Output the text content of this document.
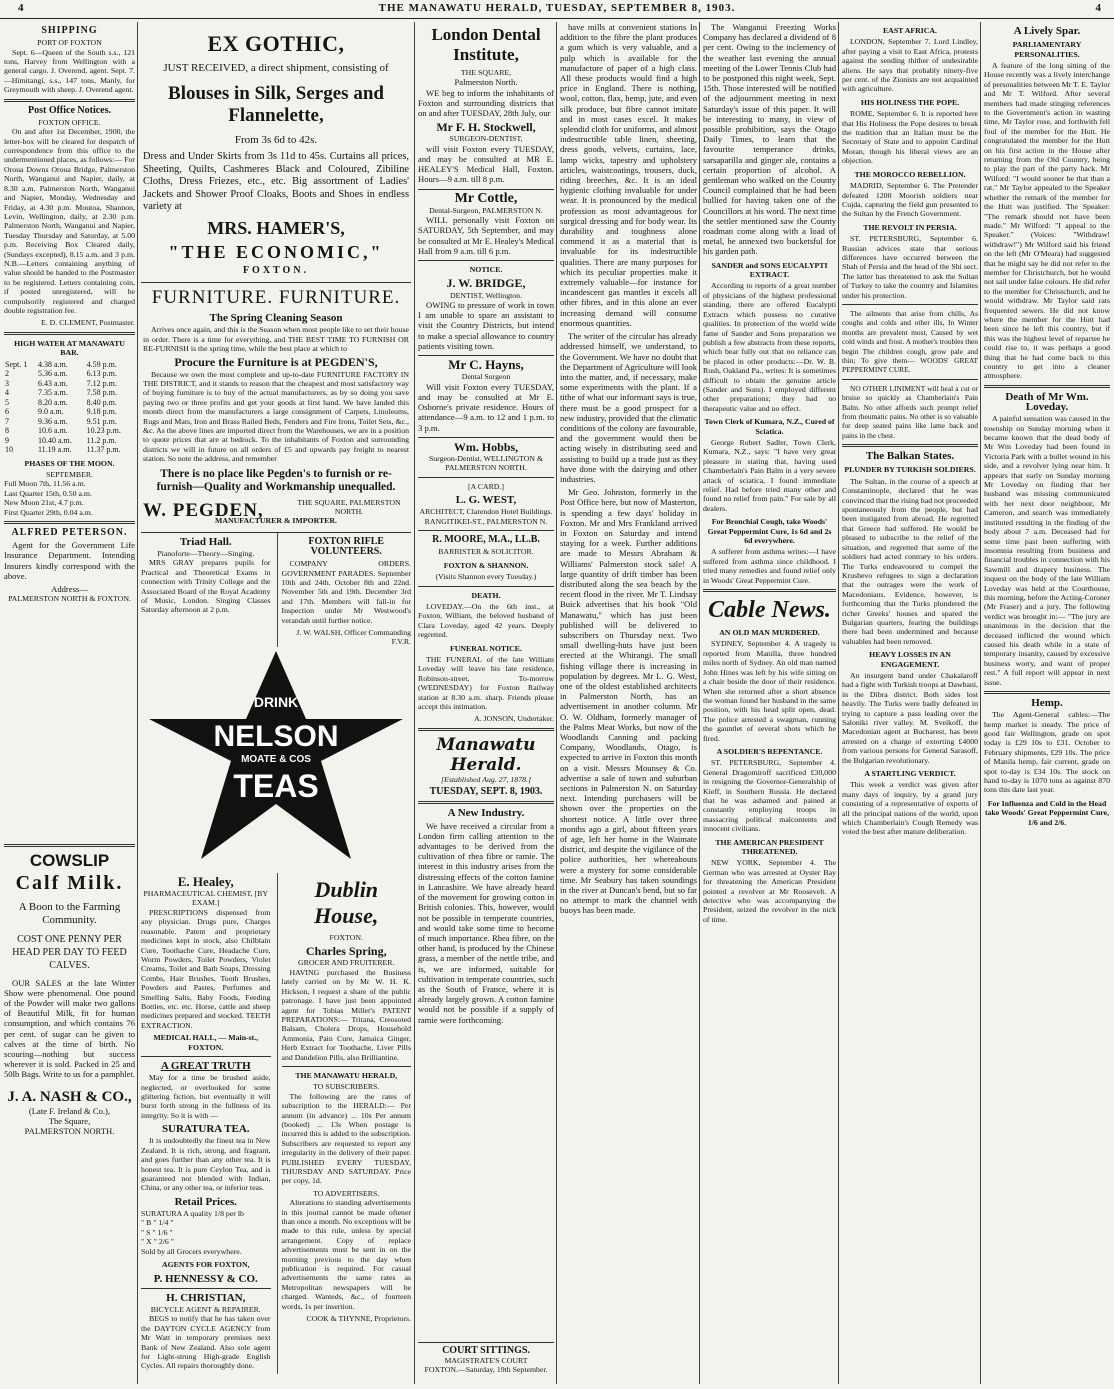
4	THE MANAWATU HERALD, TUESDAY, SEPTEMBER 8, 1903.	4
SHIPPING
PORT OF FOXTON

Sept. 6—Queen of the South s.s., 121 tons, Harvey from Wellington with a general cargo. J. Overend, agent. Sept. 7.—Himitangi, s.s., 147 tons, Manly, for Greymouth with sheep. J. Overend agent.

Post Office Notices.
FOXTON OFFICE.

On and after 1st December, 1900, the letter-box will be cleared for despatch of correspondence from this office to the undermentioned places, as follows:— For Oroua Downs Oroua Bridge, Palmerston North, Wanganui and Napier, daily, at 8.30 a.m. Palmerston North, Wanganui and Napier, Monday, Wednesday and Friday, at 4.30 p.m. Moutoa, Shannon, Levin, Wellington, daily, at 2.30 p.m. Palmerston North, Wanganui and Napier, Tuesday Thursday and Saturday, at 5.00 p.m. Receiving Box Cleared daily, (Sundays excepted), 8.15 a.m. and 3 p.m. N.B.—Letters containing anything of value should be handed to the Postmaster to be registered. Letters containing coin, if posted unregistered, will be compulsorily registered and charged double registration fee.

E. D. CLEMENT, Postmaster.
HIGH WATER AT MANAWATU BAR.
Sept. 1	4.38 a.m.	4.59 p.m.
2	5.36 a.m.	6.13 p.m.
3	6.43 a.m.	7.12 p.m.
4	7.35 a.m.	7.58 p.m.
5	8.20 a.m.	8.40 p.m.
6	9.0 a.m.	9.18 p.m.
7	9.36 a.m.	9.51 p.m.
8	10.6 a.m.	10.23 p.m.
9	10.40 a.m.	11.2 p.m.
10	11.19 a.m.	11.37 p.m.
PHASES OF THE MOON.
SEPTEMBER.
Full Moon 7th, 11.56 a.m.
Last Quarter 15th, 0.50 a.m.
New Moon 21st, 4.7 p.m.
First Quarter 29th, 0.04 a.m.
ALFRED PETERSON.

Agent for the Government Life Insurance Department. Intending Insurers kindly correspond with the above.

Address—
PALMERSTON NORTH & FOXTON.
COWSLIP
Calf Milk.
A Boon to the Farming Community.
COST ONE PENNY PER HEAD PER DAY TO FEED CALVES.

OUR SALES at the late Winter Show were phenomenal. One pound of the Powder will make two gallons of Beautiful Milk, fit for human consumption, and which contains 76 per cent. of sugar can be given to calves at the time of birth. No scouring—nothing but success wherever it is sold. Packed in 25 and 50lb Bags. Write to us for a pamphlet.

J. A. NASH & CO.,
(Late F. Ireland & Co.),
The Square,
PALMERSTON NORTH.
EX GOTHIC,
JUST RECEIVED, a direct shipment, consisting of
Blouses in Silk, Serges and Flannelette,
From 3s 6d to 42s.

Dress and Under Skirts from 3s 11d to 45s. Curtains all prices, Sheeting, Quilts, Cashmeres Black and Coloured, Zibiline Cloths, Dress Friezes, etc., etc. Big assortment of Ladies' Jackets and Shower Proof Cloaks, Boots and Shoes in endless variety at

MRS. HAMER'S,
"THE ECONOMIC,"
FOXTON.
FURNITURE. FURNITURE.
The Spring Cleaning Season

Arrives once again, and this is the Season when most people like to set their house in order. There is a time for everything, and THE BEST TIME TO FURNISH OR RE-FURNISH is the spring time, while the best place at which to

Procure the Furniture is at PEGDEN'S,

Because we own the most complete and up-to-date FURNITURE FACTORY IN THE DISTRICT, and it stands to reason that the cheapest and most satisfactory way of buying furniture is to buy of the actual manufacturers, as by so doing you save paying two or three profits and get your goods at first hand. We have landed this month direct from the manufacturers a large consignment of Carpets, Linoleums, Rugs and Mats, Iron and Brass Railed Beds, Fenders and Fire Irons, Toilet Sets, &c., &c. As the above lines are imported direct from the Warehouses, we are in a position to quote prices that are at bedrock. To the inhabitants of Foxton and surrounding districts we will in future on all orders of £5 and upwards pay freight to nearest station. So note the address, and remember

There is no place like Pegden's to furnish or re-furnish—Quality and Workmanship unequalled.
W. PEGDEN,	THE SQUARE, PALMERSTON NORTH.
MANUFACTURER & IMPORTER.
Triad Hall.
Pianoforte—Theory—Singing.

MRS GRAY prepares pupils for Practical and Theoretical Exams in connection with Trinity College and the Associated Board of the Royal Academy of Music, London. Singing Classes Saturday afternoon at 2 p.m.

FOXTON RIFLE VOLUNTEERS.

COMPANY ORDERS. GOVERNMENT PARADES. September 10th and 24th. October 8th and 22nd. November 5th and 19th. December 3rd and 17th. Members will fall-in for Inspection under Mr Westwood's verandah until further notice.

J. W. WALSH, Officer Commanding F.V.R.
DRINK
NELSON
MOATE & COS
TEAS
E. Healey,
PHARMACEUTICAL CHEMIST, [BY EXAM.]

PRESCRIPTIONS dispensed from any physician. Drugs pure, Charges reasonable. Patent and proprietary medicines kept in stock, also Chilblain Cure, Toothache Cure, Headache Cure, Worm Powders, Toilet Powders, Violet Creams, Toilet and Bath Soaps, Dressing Combs, Hair Brushes, Tooth Brushes, Powders and Pastes, Perfumes and Smelling Salts, Baby Foods, Feeding Bottles, etc. etc. Horse, cattle and sheep medicines prepared and stocked. TEETH EXTRACTION.

MEDICAL HALL, — Main-st., FOXTON.
A GREAT TRUTH

May for a time be brushed aside, neglected, or overlooked for some glittering fiction, but eventually it will burst forth strong in the fullness of its integrity. So it is with —

SURATURA TEA.

It is undoubtedly the finest tea in New Zealand. It is rich, strong, and fragrant, and goes further than any other tea. It is honest tea. It is pure Ceylon Tea, and is guaranteed not blended with Indian, China, or any other tea, or inferior teas.

Retail Prices.
SURATURA A quality 1/8 per lb
" B " 1/4 "
" S " 1/6 "
" X " 2/6 "
Sold by all Grocers everywhere.
AGENTS FOR FOXTON,
P. HENNESSY & CO.
H. CHRISTIAN,
BICYCLE AGENT & REPAIRER.

BEGS to notify that he has taken over the DAYTON CYCLE AGENCY from Mr Watt in temporary premises next Bank of New Zealand. Also sole agent for Light-strung High-grade English Cycles. All repairs thoroughly done.

Dublin House,
FOXTON.
Charles Spring,
GROCER AND FRUITERER.

HAVING purchased the Business lately carried on by Mr W. H. K. Hickson, I request a share of the public patronage. I have just been appointed agent for Tobias Miller's PATENT PREPARATIONS:— Tritana, Creosoted Balsam, Cholera Drops, Household Ammonia, Pain Cure, Jamaica Ginger, Herb Extract for Toothache, Liver Pills and Dandelion Pills, also Brilliantine.

THE MANAWATU HERALD,
TO SUBSCRIBERS.

The following are the rates of subscription to the HERALD:— Per annum (in advance) ... 10s Per annum (booked) ... 13s When postage is incurred this is added to the subscription. Subscribers are requested to report any irregularity in the delivery of their paper. PUBLISHED EVERY TUESDAY, THURSDAY AND SATURDAY. Price per copy, 1d.

TO ADVERTISERS.

Alterations to standing advertisements in this journal cannot be made oftener than once a month. No exceptions will be made to this rule, unless by special arrangement. Copy of replace advertisements must be sent in on the morning previous to the day when publication is required. For casual advertisements the same rates as Metropolitan newspapers will be charged. Wanteds, &c., of fourteen words, 1s per insertion.

COOK & THYNNE, Proprietors.
London Dental Institute,
THE SQUARE,
Palmerston North.

WE beg to inform the inhabitants of Foxton and surrounding districts that on and after TUESDAY, 28th July, our

Mr F. H. Stockwell,
SURGEON-DENTIST,

will visit Foxton every TUESDAY, and may be consulted at MR E. HEALEY'S Medical Hall, Foxton. Hours—9 a.m. till 8 p.m.

Mr Cottle,
Dental-Surgeon, PALMERSTON N.

WILL personally visit Foxton on SATURDAY, 5th September, and may be consulted at Mr E. Healey's Medical Hall from 9 a.m. till 6 p.m.

NOTICE.
J. W. BRIDGE,
DENTIST, Wellington.

OWING to pressure of work in town I am unable to spare an assistant to visit the Country Districts, but intend to make a special allowance to country patients visiting town.

Mr C. Hayns,
Dental Surgeon

Will visit Foxton every TUESDAY, and may be consulted at Mr E. Osborne's private residence. Hours of attendance—9 a.m. to 12 and 1 p.m. to 3 p.m.

Wm. Hobbs,
Surgeon-Dentist, WELLINGTON & PALMERSTON NORTH.
[A CARD.]
L. G. WEST,
ARCHITECT, Clarendon Hotel Buildings. RANGITIKEI-ST., PALMERSTON N.
R. MOORE, M.A., LL.B.
BARRISTER & SOLICITOR.
FOXTON & SHANNON.
(Visits Shannon every Tuesday.)
DEATH.

LOVEDAY.—On the 6th inst., at Foxton, William, the beloved husband of Clara Loveday, aged 42 years. Deeply regretted.

FUNERAL NOTICE.

THE FUNERAL of the late William Loveday will leave his late residence, Robinson-street, To-morrow (WEDNESDAY) for Foxton Railway station at 8.30 a.m. sharp. Friends please accept this intimation.

A. JONSON, Undertaker.
Manawatu Herald.
[Established Aug. 27, 1878.]
TUESDAY, SEPT. 8, 1903.
A New Industry.

We have received a circular from a London firm calling attention to the advantages to be derived from the cultivation of rhea fibre or ramie. The interest in this industry arises from the distressing effects of the cotton famine in Lancashire. We have already heard of the movement for growing cotton in British colonies. This, however, would not be possible in temperate countries, and would take some time to become of much importance. Rhea fibre, on the other hand, is produced by the Chinese grass, a member of the nettle tribe, and is, we are informed, suitable for cultivation in temperate countries, such as the South of France, where it is already largely grown. A cotton famine would not be possible if a supply of ramie were forthcoming.

have mills at convenient stations In addition to the fibre the plant produces a gum which is very valuable, and a pulp which is available for the manufacture of paper of a high class. All these products would find a high price in England. There is nothing, wool, cotton, flax, hemp, jute, and even silk produce, but fibre cannot imitate and in most cases excel. It makes splendid cloth for uniforms, and almost indestructible table linen, sheeting, dress goods, velvets, curtains, lace, lamp wicks, tapestry and upholstery articles, waistcoatings, trousers, duck, riding breeches, &c. It is an ideal hygienic clothing invaluable for under wear. It is pronounced by the medical profession as most advantageous for surgical dressing and for body wear. Its durability and toughness alone commend it as a material that is invaluable for its indestructible qualities. There are many purposes for which its peculiar properties make it extremely valuable—for instance for incandescent gas mantles it excels all other fibres, and in this alone an ever increasing demand will consume enormous quantities.

The writer of the circular has already addressed himself, we understand, to the Government. We have no doubt that the Department of Agriculture will look into the matter, and, if necessary, make some experiments with the plant. If a tithe of what our informant says is true, there must be a good prospect for a new industry, provided that the climatic conditions of the colony are favourable, and the government would then be acting wisely in distributing seed and assisting to build up a trade just as they have done with the dairying and other industries.

Mr Geo. Johnston, formerly in the Post Office here, but now of Masterton, is spending a few days' holiday in Foxton. Mr and Mrs Frankland arrived in Foxton on Saturday and intend staying for a week. Further additions are made to Messrs Abraham & Williams' Palmerston stock sale! A large quantity of drift timber has been distributed along the sea beach by the recent flood in the river. Mr T. Lindsay Buick advertises that his book "Old Manawatu," which has just been published will be delivered to subscribers on Thursday next. Two small dwelling-huts have just been erected at the Whirangi. The small fishing village there is increasing in population by degrees. Mr L. G. West, one of the oldest established architects in Palmerston North, has an advertisement in another column. Mr O. W. Oldham, formerly manager of the Palms Meat Works, but now of the Woodlands Canning and packing Company, Woodlands, Otago, is expected to arrive in Foxton this month on a visit. Messrs Mounsey & Co. advertise a sale of town and suburban sections in Palmerston N. on Saturday next. Intending purchasers will be shown over the properties on the shortest notice. A little over three months ago a girl, about fifteen years of age, left her home in the Waimate district, and despite the vigilance of the police authorities, her whereabouts were a mystery for some considerable time. Mr Seabury has taken soundings in the river at Duncan's bend, but so far no attempt to mark the channel with buoys has been made.

The Wanganui Freezing Works Company has declared a dividend of 8 per cent. Owing to the inclemency of the weather last evening the annual meeting of the Lower Tennis Club had to be postponed this night week, Sept. 15th. Those interested will be notified of the adjournment meeting in next Saturday's issue of this paper. It will be interesting to many, in view of possible prohibition, says the Otago Daily Times, to learn that the favourite temperance drinks, sarsaparilla and ginger ale, contains a certain proportion of alcohol. A gentleman who walked on the County Council complained that he had been bullied for having taken one of the Councillors at his word. The next time the settler mentioned saw the County roadman come along with a load of metal, he annexed two bucketsful for his garden path.

SANDER and SONS EUCALYPTI EXTRACT.

According to reports of a great number of physicians of the highest professional standing, there are offered Eucalypti Extracts which possess no curative qualities. In protection of the world wide fame of Sander and Sons preparation we publish a few abstracts from these reports, which bear fully out that no reliance can be placed in other products:—Dr. W. B. Rush, Oakland Pa., writes: It is sometimes difficult to obtain the genuine article (Sander and Sons). I employed different other preparations; they had no therapeutic value and no effect.

Town Clerk of Kumara, N.Z., Cured of Sciatica.

George Robert Sadler, Town Clerk, Kumara, N.Z., says: "I have very great pleasure in stating that, having used Chamberlain's Pain Balm in a very severe attack of sciatica, I found immediate relief. Had before tried many other and found no relief from pain." For sale by all dealers.

For Bronchial Cough, take Woods' Great Peppermint Cure, 1s 6d and 2s 6d everywhere.

A sufferer from asthma writes:—I have suffered from asthma since childhood. I tried many remedies and found relief only in Woods' Great Peppermint Cure.

Cable News.
AN OLD MAN MURDERED.

SYDNEY, September 4. A tragedy is reported from Manilla, three hundred miles north of Sydney. An old man named John Hines was left by his wife sitting on a chair beside the door of their residence. When she returned after a short absence the woman found her husband in the same position, with his head split open, dead. The police arrested a swagman, running the gauntlet of several shots which he fired.

A SOLDIER'S REPENTANCE.

ST. PETERSBURG, September 4. General Dragomiroff sacrificed £30,000 in resigning the Governor-Generalship of Kieff, in Southern Russia. He declared that he was ashamed and pained at constantly employing troops in massacring political malcontents and innocent civilians.

THE AMERICAN PRESIDENT THREATENED.

NEW YORK, September 4. The German who was arrested at Oyster Bay for threatening the American President pointed a revolver at Mr Roosevelt. A detective who was accompanying the President, seized the revolver in the nick of time.

EAST AFRICA.

LONDON, September 7. Lord Lindley, after paying a visit to East Africa, protests against the sending thither of undesirable aliens. He says that probably ninety-five per cent. of the Zionists are not acquainted with agriculture.

HIS HOLINESS THE POPE.

ROME, September 6. It is reported here that His Holiness the Pope desires to break the tradition that an Italian must be the Secretary of State and to appoint Cardinal Moran, though his liberal views are an objection.

THE MOROCCO REBELLION.

MADRID, September 6. The Pretender defeated 1200 Moorish soldiers near Cujda, capturing the field gun presented to the Sultan by the French Government.

THE REVOLT IN PERSIA.

ST. PETERSBURG, September 6. Russian advices state that serious differences have occurred between the Shah of Persia and the head of the Shi sect. The latter has threatened to ask the Sultan of Turkey to take the country and Islamites under his protection.

The ailments that arise from chills, As coughs and colds and other ills, In Winter months are prevalent most, Caused by wet cold winds and frost. A mother's troubles then begin The children cough, grow pale and thin; To give them— WOODS' GREAT PEPPERMINT CURE.

NO OTHER LINIMENT will heal a cut or bruise so quickly as Chamberlain's Pain Balm. No other affords such prompt relief from rheumatic pains. No other is so valuable for deep seated pains like lame back and pains in the chest.

The Balkan States.
PLUNDER BY TURKISH SOLDIERS.

The Sultan, in the course of a speech at Constantinople, declared that he was convinced that the rising had not proceeded spontaneously from the people, but had been instigated from abroad. He regretted that Greece had suffered. He would be pleased to subscribe to the relief of the situation, and regretted that some of the soldiers had acted contrary to his orders. The Turks endeavoured to compel the Krushevo refugees to sign a declaration that the outrages were the work of Macedonians. Evidence, however, is forthcoming that the Turks plundered the richer Greeks' houses and spared the Bulgarian quarters, fearing the buildings there had been undermined and because valuables had been removed.

HEAVY LOSSES IN AN ENGAGEMENT.

An insurgent band under Chakalaroff had a fight with Turkish troops at Dawbani, in the Dibra district. Both sides lost heavily. The Turks were badly defeated in trying to capture a pass leading over the Saloniki river valley. M. Sveikoff, the Macedonian agent at Bucharest, has been arrested on a charge of extorting £4000 from various persons for General Sarasoff, the Bulgarian revolutionary.

A STARTLING VERDICT.

This week a verdict was given after many days of inquiry, by a grand jury consisting of a representative of experts of all the principal nations of the world, upon which Chamberlain's Cough Remedy was voted the best after mature deliberation.

A Lively Spar.
PARLIAMENTARY PERSONALITIES.

A feature of the long sitting of the House recently was a lively interchange of personalities between Mr T. E. Taylor and Mr T. Wilford. After several members had made stinging references to the Government's action in wasting time, Mr Taylor rose, and forthwith fell foul of the member for the Hutt. He congratulated the member for the Hutt on his first action in the House after returning from the Old Country, being to play the part of the party hack. Mr Wilford: "I would sooner be that than a rat." Mr Taylor appealed to the Speaker whether the remark of the member for the Hutt was justified. The Speaker: "The remark should not have been made." Mr Wilford: "I appeal to the Speaker." (Voices: "Withdraw! withdraw!") Mr Wilford said his friend on the left (Mr O'Meara) had suggested that he might say he did not refer to the member for Christchurch, but he would not sail under false colours. He did refer to the member for Christchurch, and he would withdraw. Mr Taylor said rats frequented sewers. He did not know where the member for the Hutt had been since he left this country, but if this was the highest level of repartee he could rise to, it was perhaps a good thing that he had come back to this country to get into a cleaner atmosphere.

Death of Mr Wm. Loveday.

A painful sensation was caused in the township on Sunday morning when it became known that the dead body of Mr Wm Loveday had been found in Victoria Park with a bullet wound in his side, and a revolver lying near him. It appears that early on Sunday morning Mr Loveday on finding that her husband was missing communicated with her next door neighbour, Mr Cameron, and search was immediately instituted resulting in the finding of the body about 7 a.m. Deceased had for some time past been suffering with insomnia resulting from business and financial troubles in connection with his Sawmill and drapery business. The inquest on the body of the late William Loveday was held at the Courthouse, this morning, before the Acting-Coroner (Mr Fraser) and a jury. The following verdict was brought in:— "The jury are unanimous in the decision that the deceased inflicted the wound which caused his death while in a state of temporary insanity, caused by excessive business worry, and want of proper rest." A full report will appear in next issue.

Hemp.

The Agent-General cables:—The hemp market is steady. The price of good fair Wellington, grade on spot today is £29 10s to £31. October to February shipments, £29 10s. The price of Manila hemp, fair current, grade on spot to-day is £34 10s. The stock on hand to-day is 1070 tons as against 870 tons this date last year.

For Influenza and Cold in the Head take Woods' Great Peppermint Cure, 1/6 and 2/6.
COURT SITTINGS.
MAGISTRATE'S COURT
FOXTON.—Saturday, 19th September.
